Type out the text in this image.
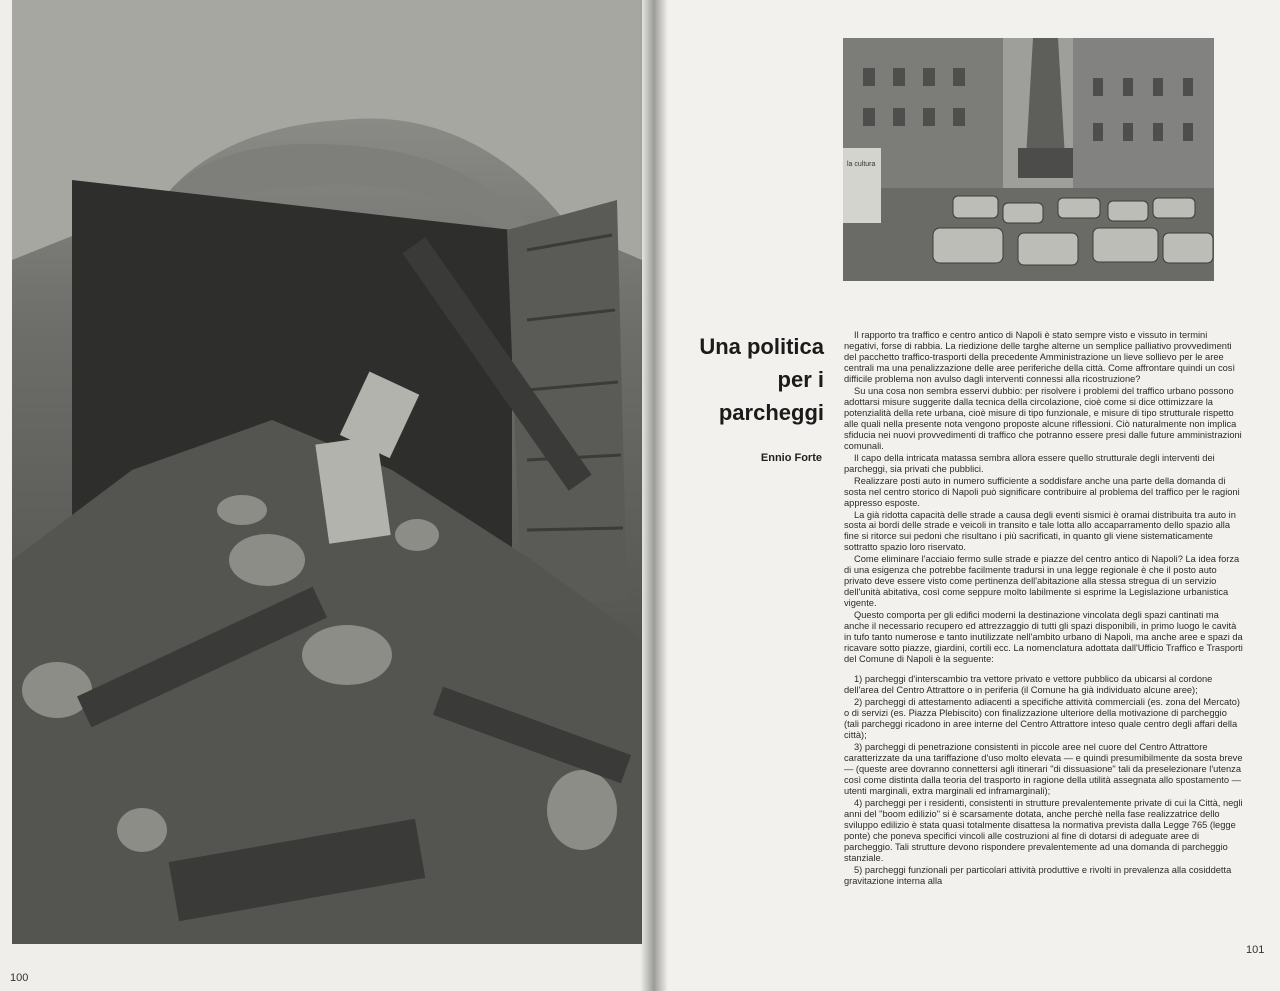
100
la cultura
Una politica
per i
parcheggi
Ennio Forte

Il rapporto tra traffico e centro antico di Napoli è stato sempre visto e vissuto in termini negativi, forse di rabbia. La riedizione delle targhe alterne un semplice palliativo provvedimenti del pacchetto traffico-trasporti della precedente Amministrazione un lieve sollievo per le aree centrali ma una penalizzazione delle aree periferiche della città. Come affrontare quindi un così difficile problema non avulso dagli interventi connessi alla ricostruzione?

Su una cosa non sembra esservi dubbio: per risolvere i problemi del traffico urbano possono adottarsi misure suggerite dalla tecnica della circolazione, cioè come si dice ottimizzare la potenzialità della rete urbana, cioè misure di tipo funzionale, e misure di tipo strutturale rispetto alle quali nella presente nota vengono proposte alcune riflessioni. Ciò naturalmente non implica sfiducia nei nuovi provvedimenti di traffico che potranno essere presi dalle future amministrazioni comunali.

Il capo della intricata matassa sembra allora essere quello strutturale degli interventi dei parcheggi, sia privati che pubblici.

Realizzare posti auto in numero sufficiente a soddisfare anche una parte della domanda di sosta nel centro storico di Napoli può significare contribuire al problema del traffico per le ragioni appresso esposte.

La già ridotta capacità delle strade a causa degli eventi sismici è oramai distribuita tra auto in sosta ai bordi delle strade e veicoli in transito e tale lotta allo accaparramento dello spazio alla fine si ritorce sui pedoni che risultano i più sacrificati, in quanto gli viene sistematicamente sottratto spazio loro riservato.

Come eliminare l'acciaio fermo sulle strade e piazze del centro antico di Napoli? La idea forza di una esigenza che potrebbe facilmente tradursi in una legge regionale è che il posto auto privato deve essere visto come pertinenza dell'abitazione alla stessa stregua di un servizio dell'unità abitativa, così come seppure molto labilmente si esprime la Legislazione urbanistica vigente.

Questo comporta per gli edifici moderni la destinazione vincolata degli spazi cantinati ma anche il necessario recupero ed attrezzaggio di tutti gli spazi disponibili, in primo luogo le cavità in tufo tanto numerose e tanto inutilizzate nell'ambito urbano di Napoli, ma anche aree e spazi da ricavare sotto piazze, giardini, cortili ecc. La nomenclatura adottata dall'Ufficio Traffico e Trasporti del Comune di Napoli è la seguente:

1) parcheggi d'interscambio tra vettore privato e vettore pubblico da ubicarsi al cordone dell'area del Centro Attrattore o in periferia (il Comune ha già individuato alcune aree);

2) parcheggi di attestamento adiacenti a specifiche attività commerciali (es. zona del Mercato) o di servizi (es. Piazza Plebiscito) con finalizzazione ulteriore della motivazione di parcheggio (tali parcheggi ricadono in aree interne del Centro Attrattore inteso quale centro degli affari della città);

3) parcheggi di penetrazione consistenti in piccole aree nel cuore del Centro Attrattore caratterizzate da una tariffazione d'uso molto elevata — e quindi presumibilmente da sosta breve — (queste aree dovranno connettersi agli itinerari "di dissuasione" tali da preselezionare l'utenza così come distinta dalla teoria del trasporto in ragione della utilità assegnata allo spostamento — utenti marginali, extra marginali ed inframarginali);

4) parcheggi per i residenti, consistenti in strutture prevalentemente private di cui la Città, negli anni del "boom edilizio" si è scarsamente dotata, anche perchè nella fase realizzatrice dello sviluppo edilizio è stata quasi totalmente disattesa la normativa prevista dalla Legge 765 (legge ponte) che poneva specifici vincoli alle costruzioni al fine di dotarsi di adeguate aree di parcheggio. Tali strutture devono rispondere prevalentemente ad una domanda di parcheggio stanziale.

5) parcheggi funzionali per particolari attività produttive e rivolti in prevalenza alla cosiddetta gravitazione interna alla

101
